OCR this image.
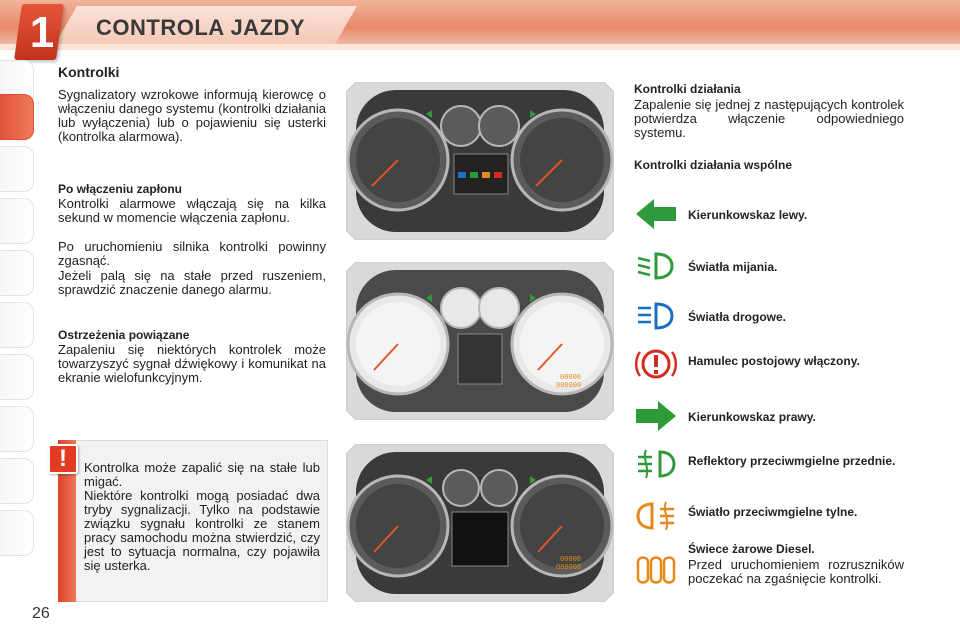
1	CONTROLA JAZDY
Kontrolki
Sygnalizatory wzrokowe informują kierowcę o włączeniu danego systemu (kontrolki działania lub wyłączenia) lub o pojawieniu się usterki (kontrolka alarmowa).
Po włączeniu zapłonu
Kontrolki alarmowe włączają się na kilka sekund w momencie włączenia zapłonu.
Po uruchomieniu silnika kontrolki powinny zgasnąć.
Jeżeli palą się na stałe przed ruszeniem, sprawdzić znaczenie danego alarmu.
Ostrzeżenia powiązane
Zapaleniu się niektórych kontrolek może towarzyszyć sygnał dźwiękowy i komunikat na ekranie wielofunkcyjnym.
!	Kontrolka może zapalić się na stałe lub migać.
Niektóre kontrolki mogą posiadać dwa tryby sygnalizacji. Tylko na podstawie związku sygnału kontrolki ze stanem pracy samochodu można stwierdzić, czy jest to sytuacja normalna, czy pojawiła się usterka.
00000
000000
00000
000000
Kontrolki działania
Zapalenie się jednej z następujących kontrolek potwierdza włączenie odpowiedniego systemu.
Kontrolki działania wspólne
Kierunkowskaz lewy.
Światła mijania.
Światła drogowe.
Hamulec postojowy włączony.
Kierunkowskaz prawy.
Reflektory przeciwmgielne przednie.
Światło przeciwmgielne tylne.
Świece żarowe Diesel.
Przed uruchomieniem rozruszników poczekać na zgaśnięcie kontrolki.
26
